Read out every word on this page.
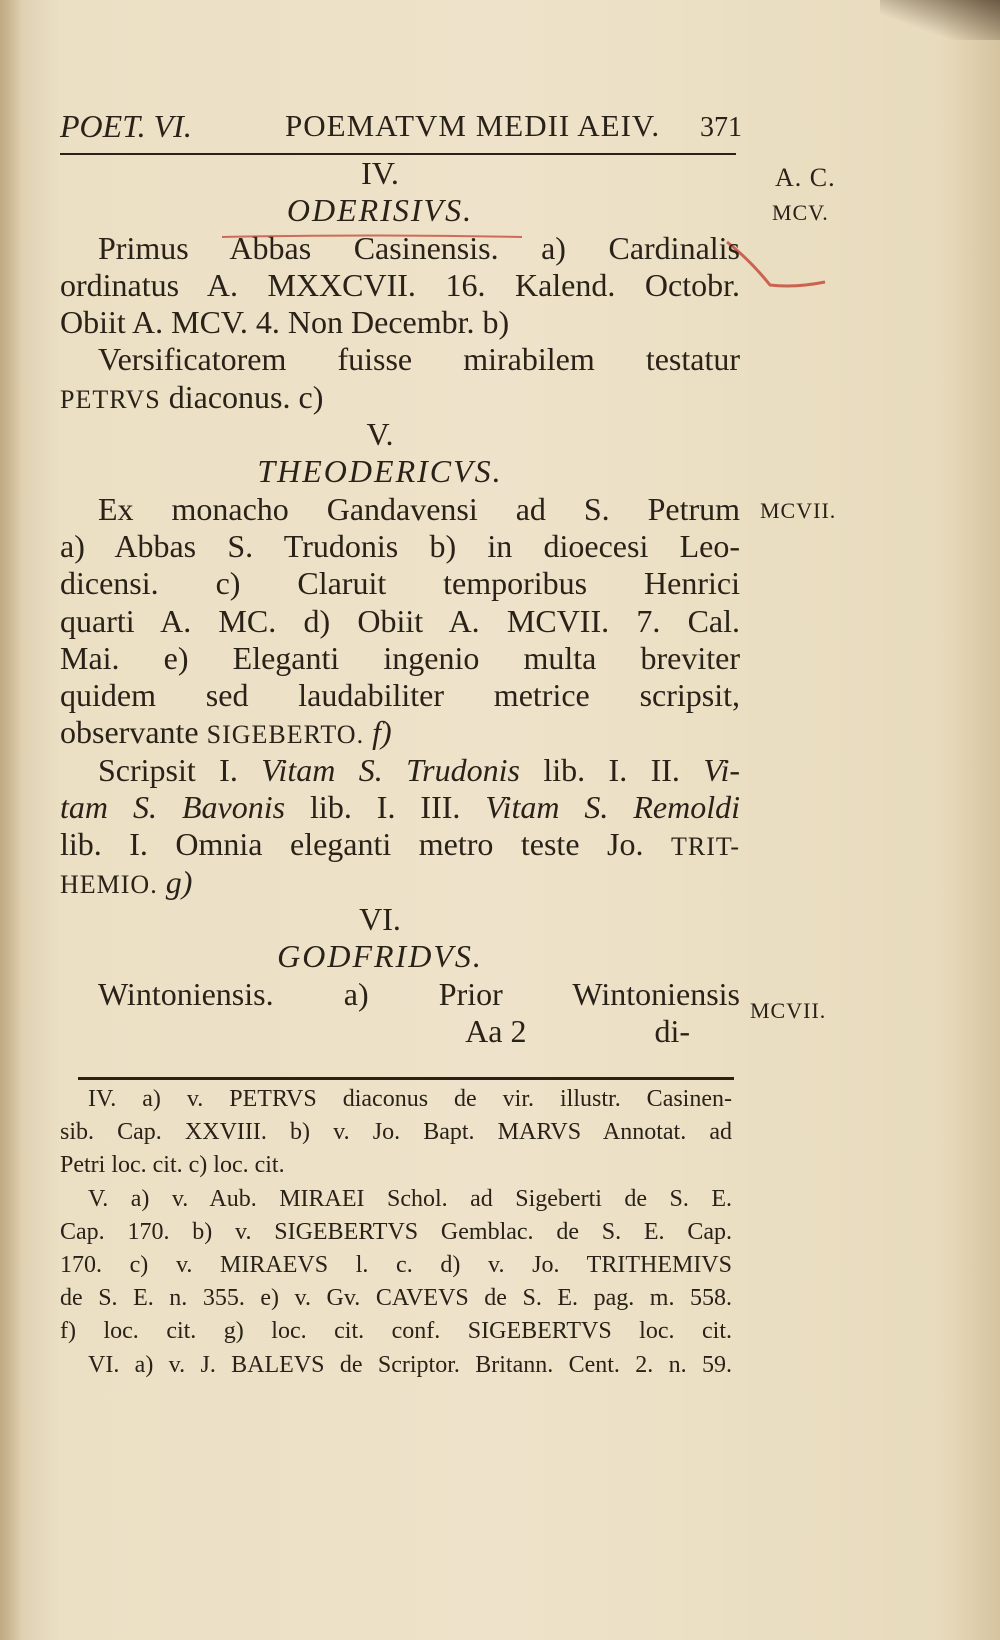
POET. VI.	POEMATVM MEDII AEIV. 371
A. C.
MCV.
MCVII.
MCVII.
IV.
ODERISIVS.
Primus Abbas Casinensis. a) Cardinalis
ordinatus A. MXXCVII. 16. Kalend. Octobr.
Obiit A. MCV. 4. Non Decembr. b)
Versificatorem fuisse mirabilem testatur
PETRVS diaconus. c)
V.
THEODERICVS.
Ex monacho Gandavensi ad S. Petrum
a) Abbas S. Trudonis b) in dioecesi Leo-
dicensi. c) Claruit temporibus Henrici
quarti A. MC. d) Obiit A. MCVII. 7. Cal.
Mai. e) Eleganti ingenio multa breviter
quidem sed laudabiliter metrice scripsit,
observante SIGEBERTO. f)
Scripsit I. Vitam S. Trudonis lib. I. II. Vi-
tam S. Bavonis lib. I. III. Vitam S. Remoldi
lib. I. Omnia eleganti metro teste Jo. TRIT-
HEMIO. g)
VI.
GODFRIDVS.
Wintoniensis. a) Prior Wintoniensis
Aa 2	di-
IV. a) v. PETRVS diaconus de vir. illustr. Casinen-
sib. Cap. XXVIII. b) v. Jo. Bapt. MARVS Annotat. ad
Petri loc. cit. c) loc. cit.
V. a) v. Aub. MIRAEI Schol. ad Sigeberti de S. E.
Cap. 170. b) v. SIGEBERTVS Gemblac. de S. E. Cap.
170. c) v. MIRAEVS l. c. d) v. Jo. TRITHEMIVS
de S. E. n. 355. e) v. Gv. CAVEVS de S. E. pag. m. 558.
f) loc. cit. g) loc. cit. conf. SIGEBERTVS loc. cit.
VI. a) v. J. BALEVS de Scriptor. Britann. Cent. 2. n. 59.
